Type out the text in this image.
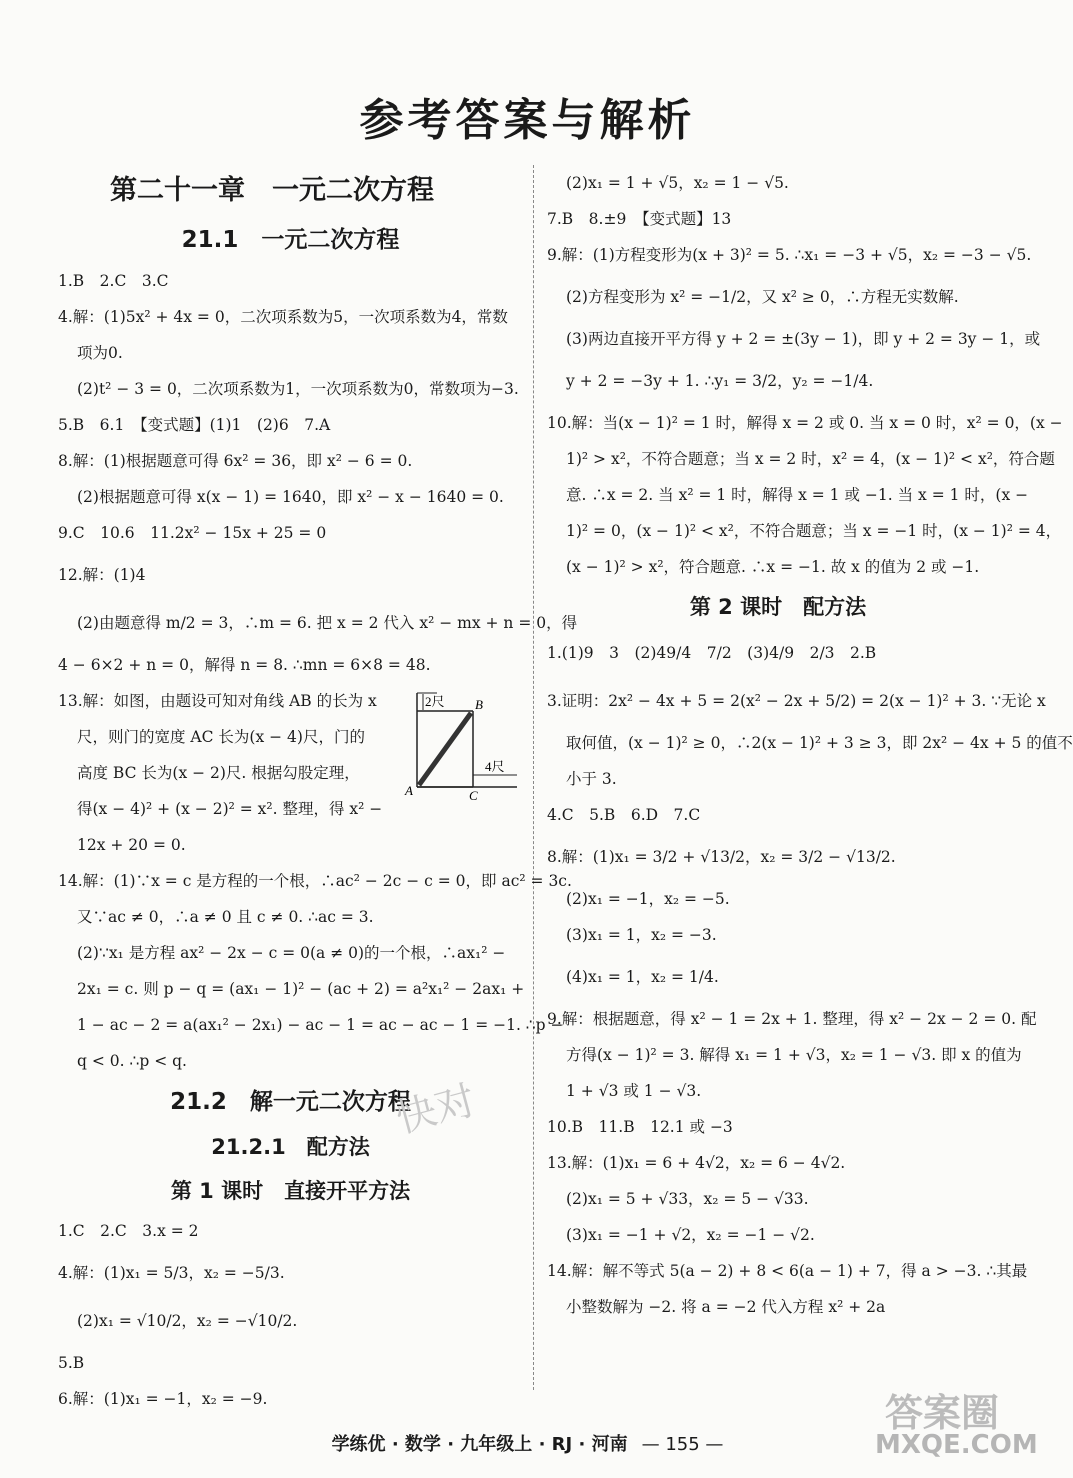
参考答案与解析
第二十一章　一元二次方程
21.1　一元二次方程
1.B　2.C　3.C
4.解：(1)5x² + 4x = 0，二次项系数为5，一次项系数为4，常数
项为0.
(2)t² − 3 = 0，二次项系数为1，一次项系数为0，常数项为−3.
5.B　6.1　【变式题】(1)1　(2)6　7.A
8.解：(1)根据题意可得 6x² = 36，即 x² − 6 = 0.
(2)根据题意可得 x(x − 1) = 1640，即 x² − x − 1640 = 0.
9.C　10.6　11.2x² − 15x + 25 = 0
12.解：(1)4
(2)由题意得 m/2 = 3，∴m = 6. 把 x = 2 代入 x² − mx + n = 0，得
4 − 6×2 + n = 0，解得 n = 8. ∴mn = 6×8 = 48.
13.解：如图，由题设可知对角线 AB 的长为 x
尺，则门的宽度 AC 长为(x − 4)尺，门的
高度 BC 长为(x − 2)尺. 根据勾股定理，
得(x − 4)² + (x − 2)² = x². 整理，得 x² −
12x + 20 = 0.
2尺
4尺
B
A	C
14.解：(1)∵x = c 是方程的一个根，∴ac² − 2c − c = 0，即 ac² = 3c.
又∵ac ≠ 0，∴a ≠ 0 且 c ≠ 0. ∴ac = 3.
(2)∵x₁ 是方程 ax² − 2x − c = 0(a ≠ 0)的一个根，∴ax₁² −
2x₁ = c. 则 p − q = (ax₁ − 1)² − (ac + 2) = a²x₁² − 2ax₁ +
1 − ac − 2 = a(ax₁² − 2x₁) − ac − 1 = ac − ac − 1 = −1. ∴p −
q < 0. ∴p < q.
21.2　解一元二次方程
21.2.1　配方法
第 1 课时　直接开平方法
1.C　2.C　3.x = 2
4.解：(1)x₁ = 5/3，x₂ = −5/3.
(2)x₁ = √10/2，x₂ = −√10/2.
5.B
6.解：(1)x₁ = −1，x₂ = −9.
(2)x₁ = 1 + √5，x₂ = 1 − √5.
7.B　8.±9　【变式题】13
9.解：(1)方程变形为(x + 3)² = 5. ∴x₁ = −3 + √5，x₂ = −3 − √5.
(2)方程变形为 x² = −1/2，又 x² ≥ 0，∴方程无实数解.
(3)两边直接开平方得 y + 2 = ±(3y − 1)，即 y + 2 = 3y − 1，或
y + 2 = −3y + 1. ∴y₁ = 3/2，y₂ = −1/4.
10.解：当(x − 1)² = 1 时，解得 x = 2 或 0. 当 x = 0 时，x² = 0，(x −
1)² > x²，不符合题意；当 x = 2 时，x² = 4，(x − 1)² < x²，符合题
意. ∴x = 2. 当 x² = 1 时，解得 x = 1 或 −1. 当 x = 1 时，(x −
1)² = 0，(x − 1)² < x²，不符合题意；当 x = −1 时，(x − 1)² = 4，
(x − 1)² > x²，符合题意. ∴x = −1. 故 x 的值为 2 或 −1.
第 2 课时　配方法
1.(1)9　3　(2)49/4　7/2　(3)4/9　2/3　2.B
3.证明：2x² − 4x + 5 = 2(x² − 2x + 5/2) = 2(x − 1)² + 3. ∵无论 x
取何值，(x − 1)² ≥ 0，∴2(x − 1)² + 3 ≥ 3，即 2x² − 4x + 5 的值不
小于 3.
4.C　5.B　6.D　7.C
8.解：(1)x₁ = 3/2 + √13/2，x₂ = 3/2 − √13/2.
(2)x₁ = −1，x₂ = −5.
(3)x₁ = 1，x₂ = −3.
(4)x₁ = 1，x₂ = 1/4.
9.解：根据题意，得 x² − 1 = 2x + 1. 整理，得 x² − 2x − 2 = 0. 配
方得(x − 1)² = 3. 解得 x₁ = 1 + √3，x₂ = 1 − √3. 即 x 的值为
1 + √3 或 1 − √3.
10.B　11.B　12.1 或 −3
13.解：(1)x₁ = 6 + 4√2，x₂ = 6 − 4√2.
(2)x₁ = 5 + √33，x₂ = 5 − √33.
(3)x₁ = −1 + √2，x₂ = −1 − √2.
14.解：解不等式 5(a − 2) + 8 < 6(a − 1) + 7，得 a > −3. ∴其最
小整数解为 −2. 将 a = −2 代入方程 x² + 2a
快对
答案圈
学练优 · 数学 · 九年级上 · RJ · 河南 — 155 —	MXQE.COM
